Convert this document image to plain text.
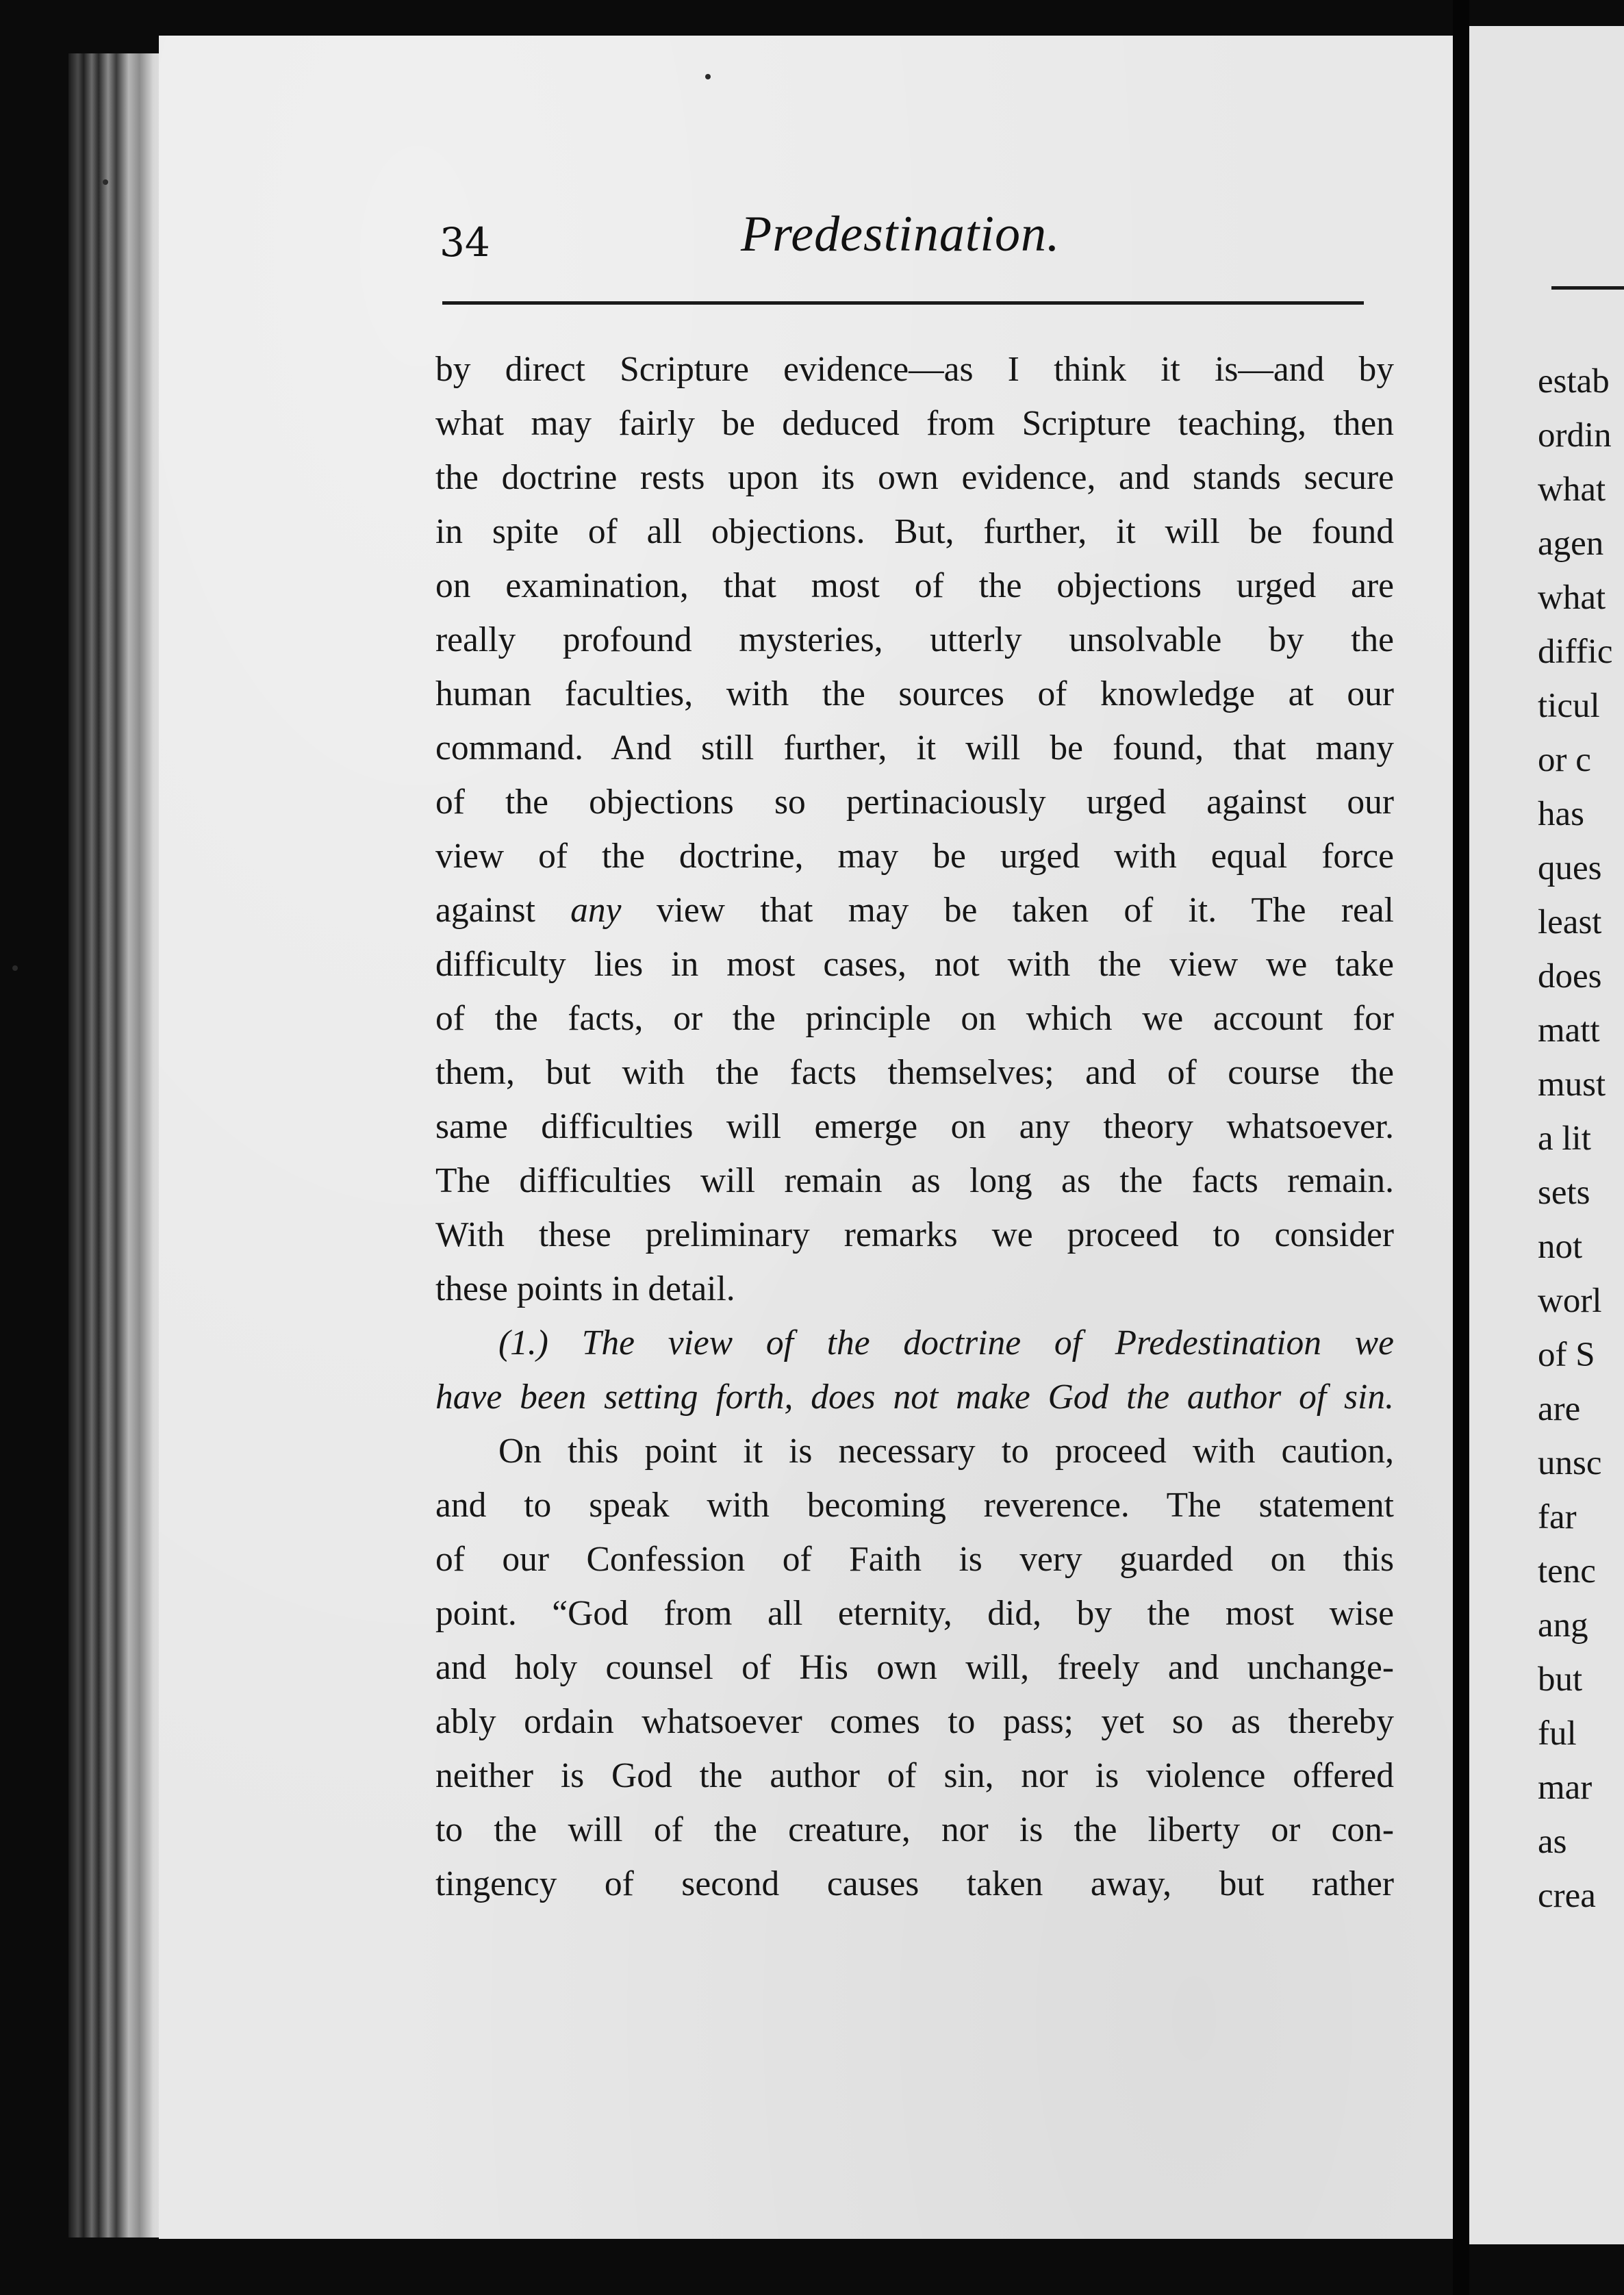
34	Predestination.
by direct Scripture evidence—as I think it is—and by
what may fairly be deduced from Scripture teaching, then
the doctrine rests upon its own evidence, and stands secure
in spite of all objections. But, further, it will be found
on examination, that most of the objections urged are
really profound mysteries, utterly unsolvable by the
human faculties, with the sources of knowledge at our
command. And still further, it will be found, that many
of the objections so pertinaciously urged against our
view of the doctrine, may be urged with equal force
against any view that may be taken of it. The real
difficulty lies in most cases, not with the view we take
of the facts, or the principle on which we account for
them, but with the facts themselves; and of course the
same difficulties will emerge on any theory whatsoever.
The difficulties will remain as long as the facts remain.
With these preliminary remarks we proceed to consider
these points in detail.
(1.) The view of the doctrine of Predestination we
have been setting forth, does not make God the author of sin.
On this point it is necessary to proceed with caution,
and to speak with becoming reverence. The statement
of our Confession of Faith is very guarded on this
point. “God from all eternity, did, by the most wise
and holy counsel of His own will, freely and unchange-
ably ordain whatsoever comes to pass; yet so as thereby
neither is God the author of sin, nor is violence offered
to the will of the creature, nor is the liberty or con-
tingency of second causes taken away, but rather
estab
ordin
what
agen
what
diffic
ticul
or c
has
ques
least
does
matt
must
a lit
sets
not
worl
of S
are
unsc
far
tenc
ang
but
ful
mar
as
crea
